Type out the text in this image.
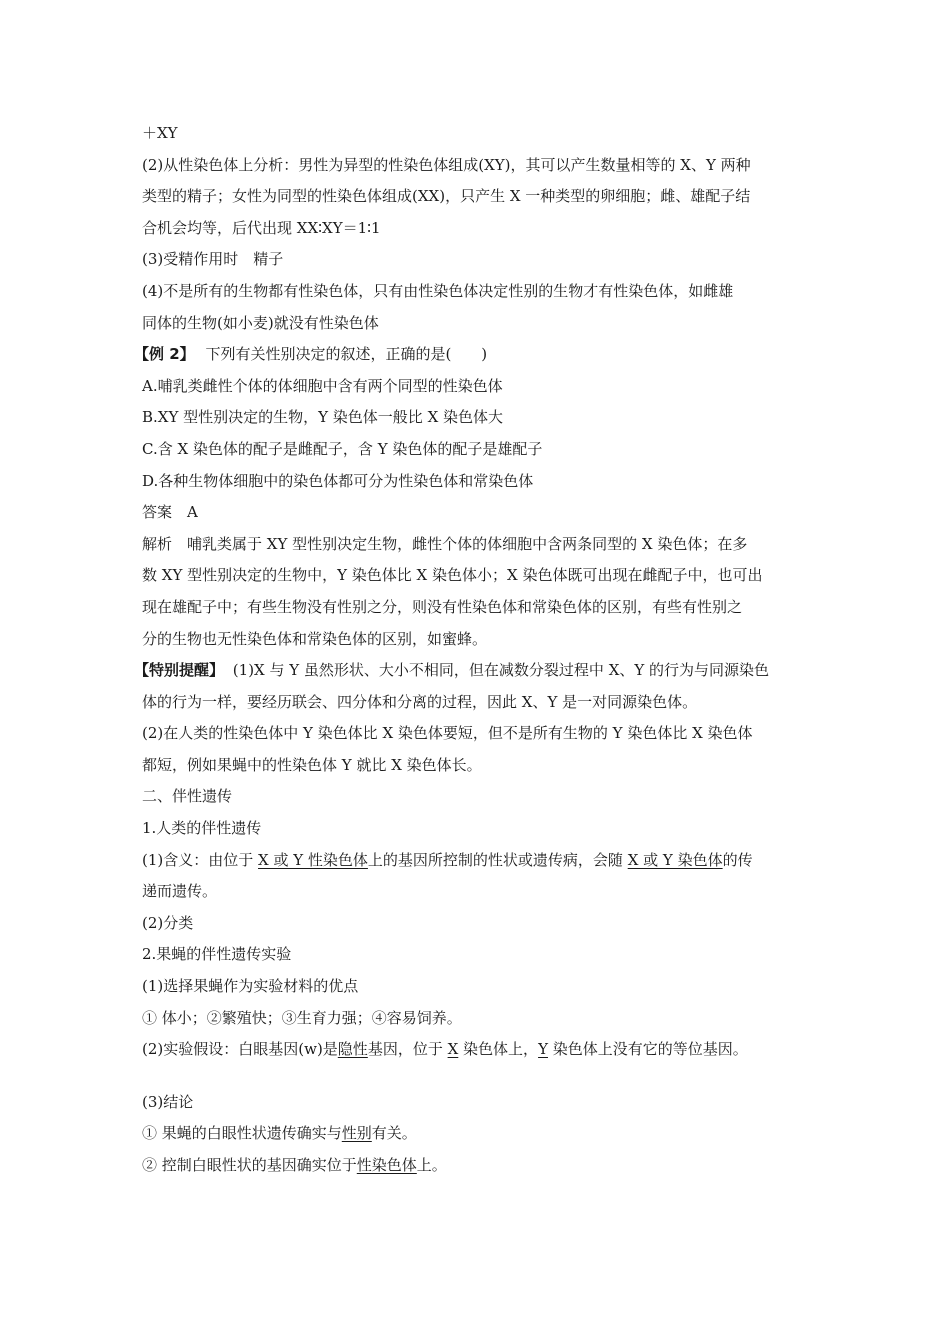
＋XY
(2)从性染色体上分析：男性为异型的性染色体组成(XY)，其可以产生数量相等的 X、Y 两种
类型的精子；女性为同型的性染色体组成(XX)，只产生 X 一种类型的卵细胞；雌、雄配子结
合机会均等，后代出现 XX∶XY＝1∶1
(3)受精作用时　精子
(4)不是所有的生物都有性染色体，只有由性染色体决定性别的生物才有性染色体，如雌雄
同体的生物(如小麦)就没有性染色体
【例 2】 下列有关性别决定的叙述，正确的是(　　)
A.哺乳类雌性个体的体细胞中含有两个同型的性染色体
B.XY 型性别决定的生物，Y 染色体一般比 X 染色体大
C.含 X 染色体的配子是雌配子，含 Y 染色体的配子是雄配子
D.各种生物体细胞中的染色体都可分为性染色体和常染色体
答案　A
解析　哺乳类属于 XY 型性别决定生物，雌性个体的体细胞中含两条同型的 X 染色体；在多
数 XY 型性别决定的生物中，Y 染色体比 X 染色体小；X 染色体既可出现在雌配子中，也可出
现在雄配子中；有些生物没有性别之分，则没有性染色体和常染色体的区别，有些有性别之
分的生物也无性染色体和常染色体的区别，如蜜蜂。
【特别提醒】 (1)X 与 Y 虽然形状、大小不相同，但在减数分裂过程中 X、Y 的行为与同源染色
体的行为一样，要经历联会、四分体和分离的过程，因此 X、Y 是一对同源染色体。
(2)在人类的性染色体中 Y 染色体比 X 染色体要短，但不是所有生物的 Y 染色体比 X 染色体
都短，例如果蝇中的性染色体 Y 就比 X 染色体长。
二、伴性遗传
1.人类的伴性遗传
(1)含义：由位于 X 或 Y 性染色体上的基因所控制的性状或遗传病，会随 X 或 Y 染色体的传
递而遗传。
(2)分类
2.果蝇的伴性遗传实验
(1)选择果蝇作为实验材料的优点
① 体小；②繁殖快；③生育力强；④容易饲养。
(2)实验假设：白眼基因(w)是隐性基因，位于 X 染色体上，Y 染色体上没有它的等位基因。
(3)结论
① 果蝇的白眼性状遗传确实与性别有关。
② 控制白眼性状的基因确实位于性染色体上。
